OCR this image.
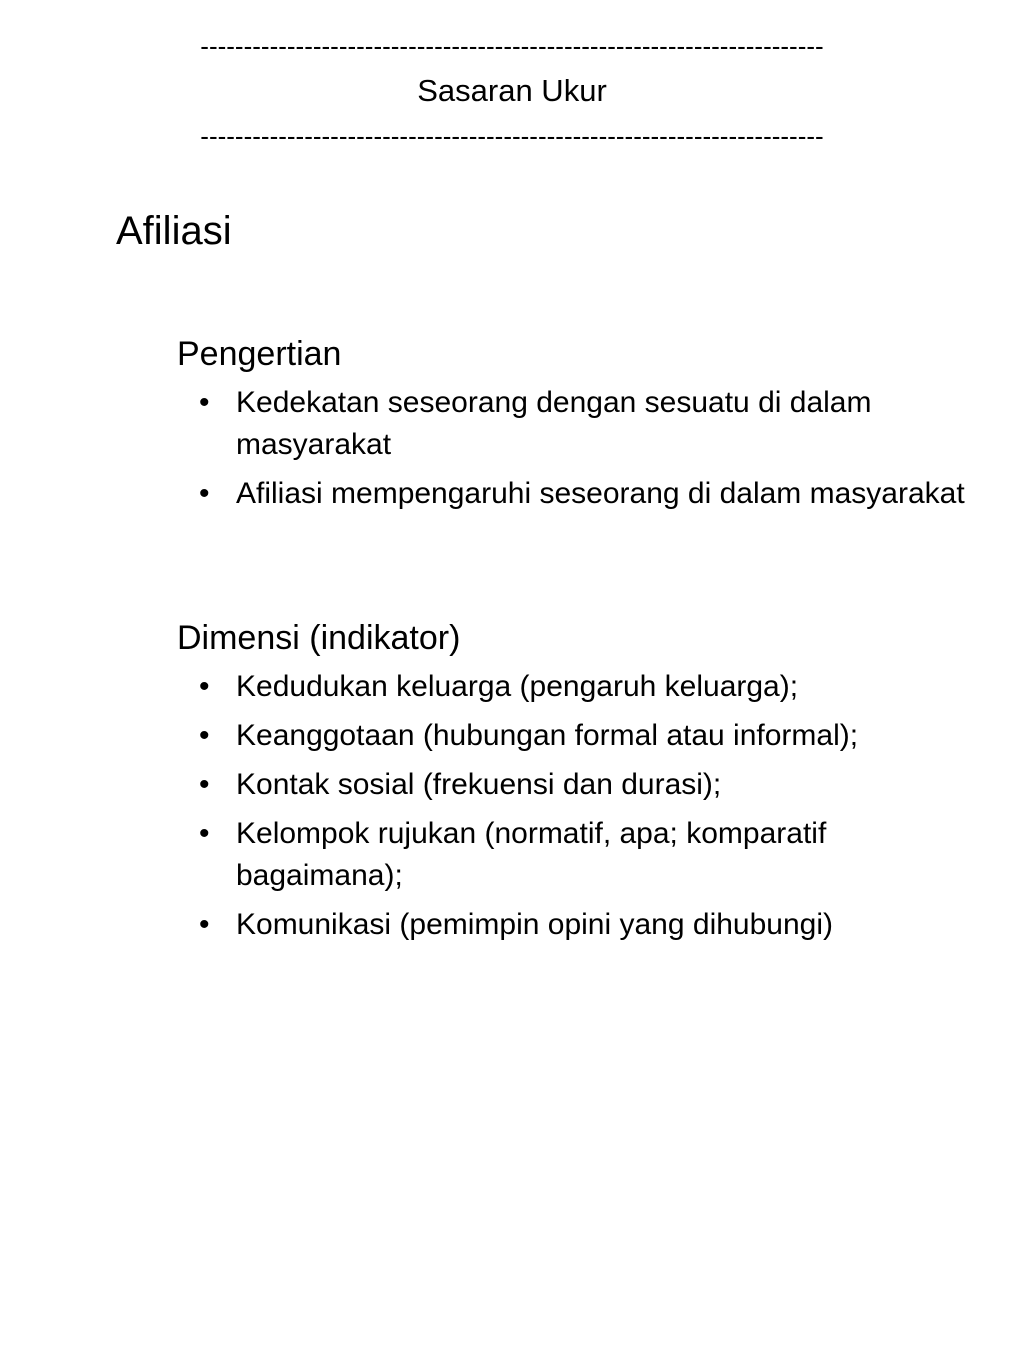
------------------------------------------------------------------------
Sasaran Ukur
------------------------------------------------------------------------
Afiliasi
Pengertian
• Kedekatan seseorang dengan sesuatu di dalam masyarakat
• Afiliasi mempengaruhi seseorang di dalam masyarakat
Dimensi (indikator)
• Kedudukan keluarga (pengaruh keluarga);
• Keanggotaan (hubungan formal atau informal);
• Kontak sosial (frekuensi dan durasi);
• Kelompok rujukan (normatif, apa; komparatif bagaimana);
• Komunikasi (pemimpin opini yang dihubungi)
